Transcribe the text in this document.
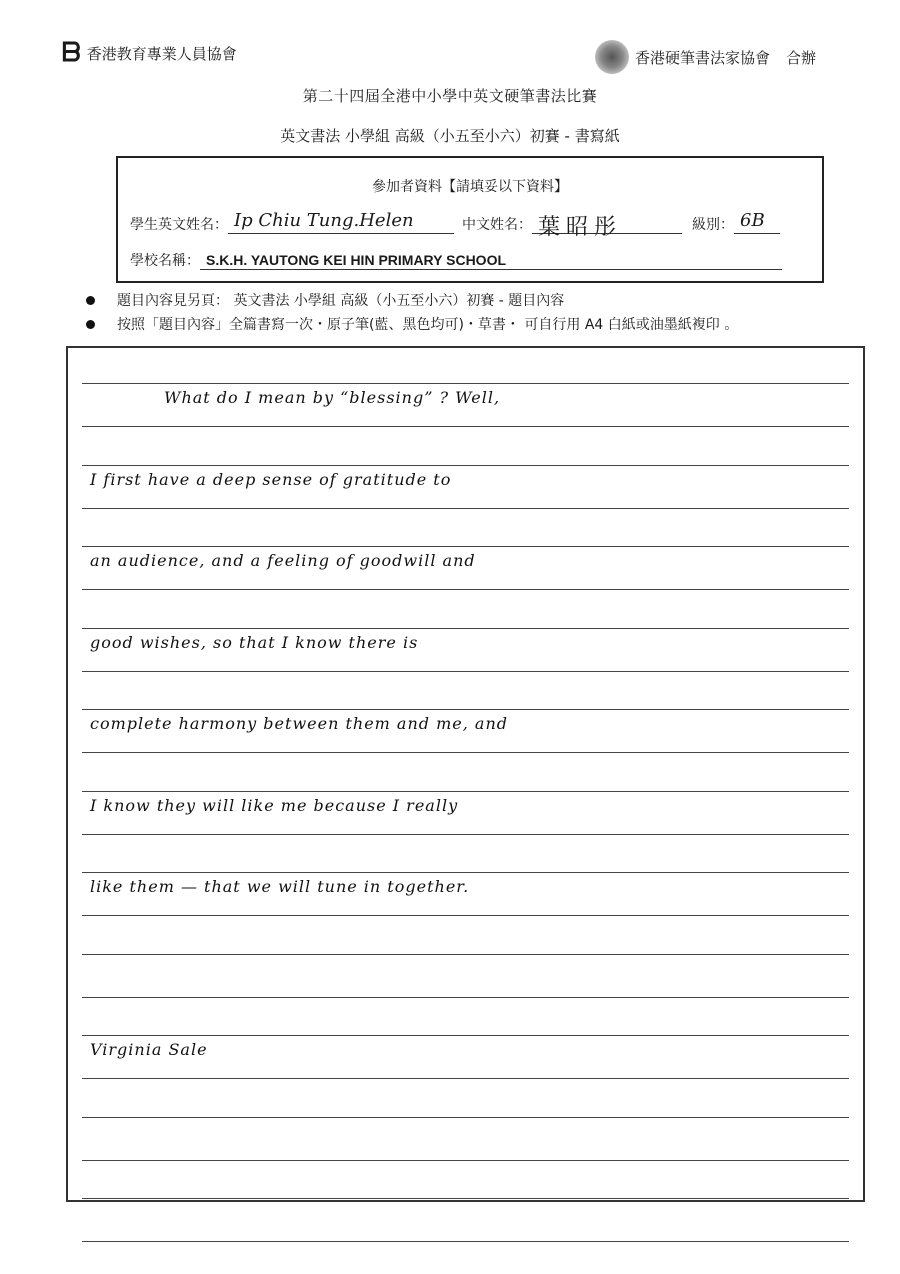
ᗷ 香港教育專業人員協會	香港硬筆書法家協會 合辦
第二十四屆全港中小學中英文硬筆書法比賽
英文書法 小學組 高級（小五至小六）初賽 - 書寫紙
參加者資料【請填妥以下資料】
學生英文姓名： Ip Chiu Tung.Helen	中文姓名： 葉昭彤	級別： 6B
學校名稱： S.K.H. YAUTONG KEI HIN PRIMARY SCHOOL
題目內容見另頁： 英文書法 小學組 高級（小五至小六）初賽 - 題目內容
按照「題目內容」全篇書寫一次・原子筆(藍、黑色均可)・草書・ 可自行用 A4 白紙或油墨紙複印 。
What do I mean by “blessing” ? Well,
I first have a deep sense of gratitude to
an audience, and a feeling of goodwill and
good wishes, so that I know there is
complete harmony between them and me, and
I know they will like me because I really
like them — that we will tune in together.
Virginia Sale
